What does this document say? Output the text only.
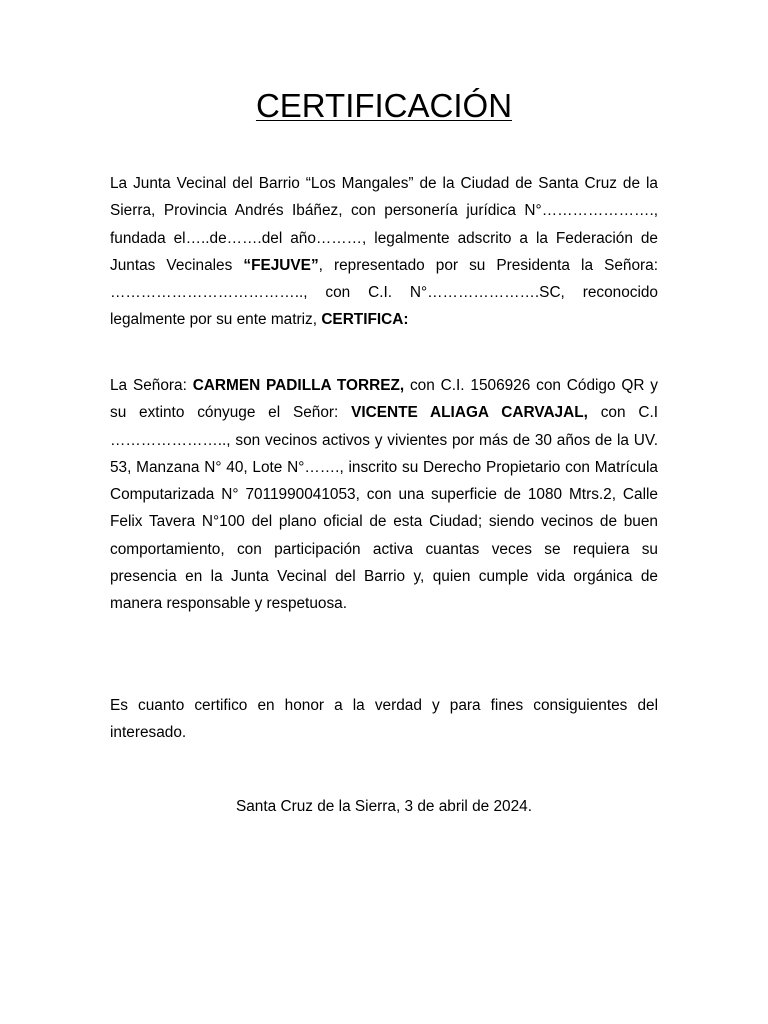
CERTIFICACIÓN

La Junta Vecinal del Barrio “Los Mangales” de la Ciudad de Santa Cruz de la Sierra, Provincia Andrés Ibáñez, con personería jurídica N°…………………., fundada el…..de…….del año………, legalmente adscrito a la Federación de Juntas Vecinales “FEJUVE”, representado por su Presidenta la Señora: ……………………………….., con C.I. N°………………….SC, reconocido legalmente por su ente matriz, CERTIFICA:

La Señora: CARMEN PADILLA TORREZ, con C.I. 1506926 con Código QR y su extinto cónyuge el Señor: VICENTE ALIAGA CARVAJAL, con C.I ………………….., son vecinos activos y vivientes por más de 30 años de la UV. 53, Manzana N° 40, Lote N°……., inscrito su Derecho Propietario con Matrícula Computarizada N° 7011990041053, con una superficie de 1080 Mtrs.2, Calle Felix Tavera N°100 del plano oficial de esta Ciudad; siendo vecinos de buen comportamiento, con participación activa cuantas veces se requiera su presencia en la Junta Vecinal del Barrio y, quien cumple vida orgánica de manera responsable y respetuosa.

Es cuanto certifico en honor a la verdad y para fines consiguientes del interesado.

Santa Cruz de la Sierra, 3 de abril de 2024.
